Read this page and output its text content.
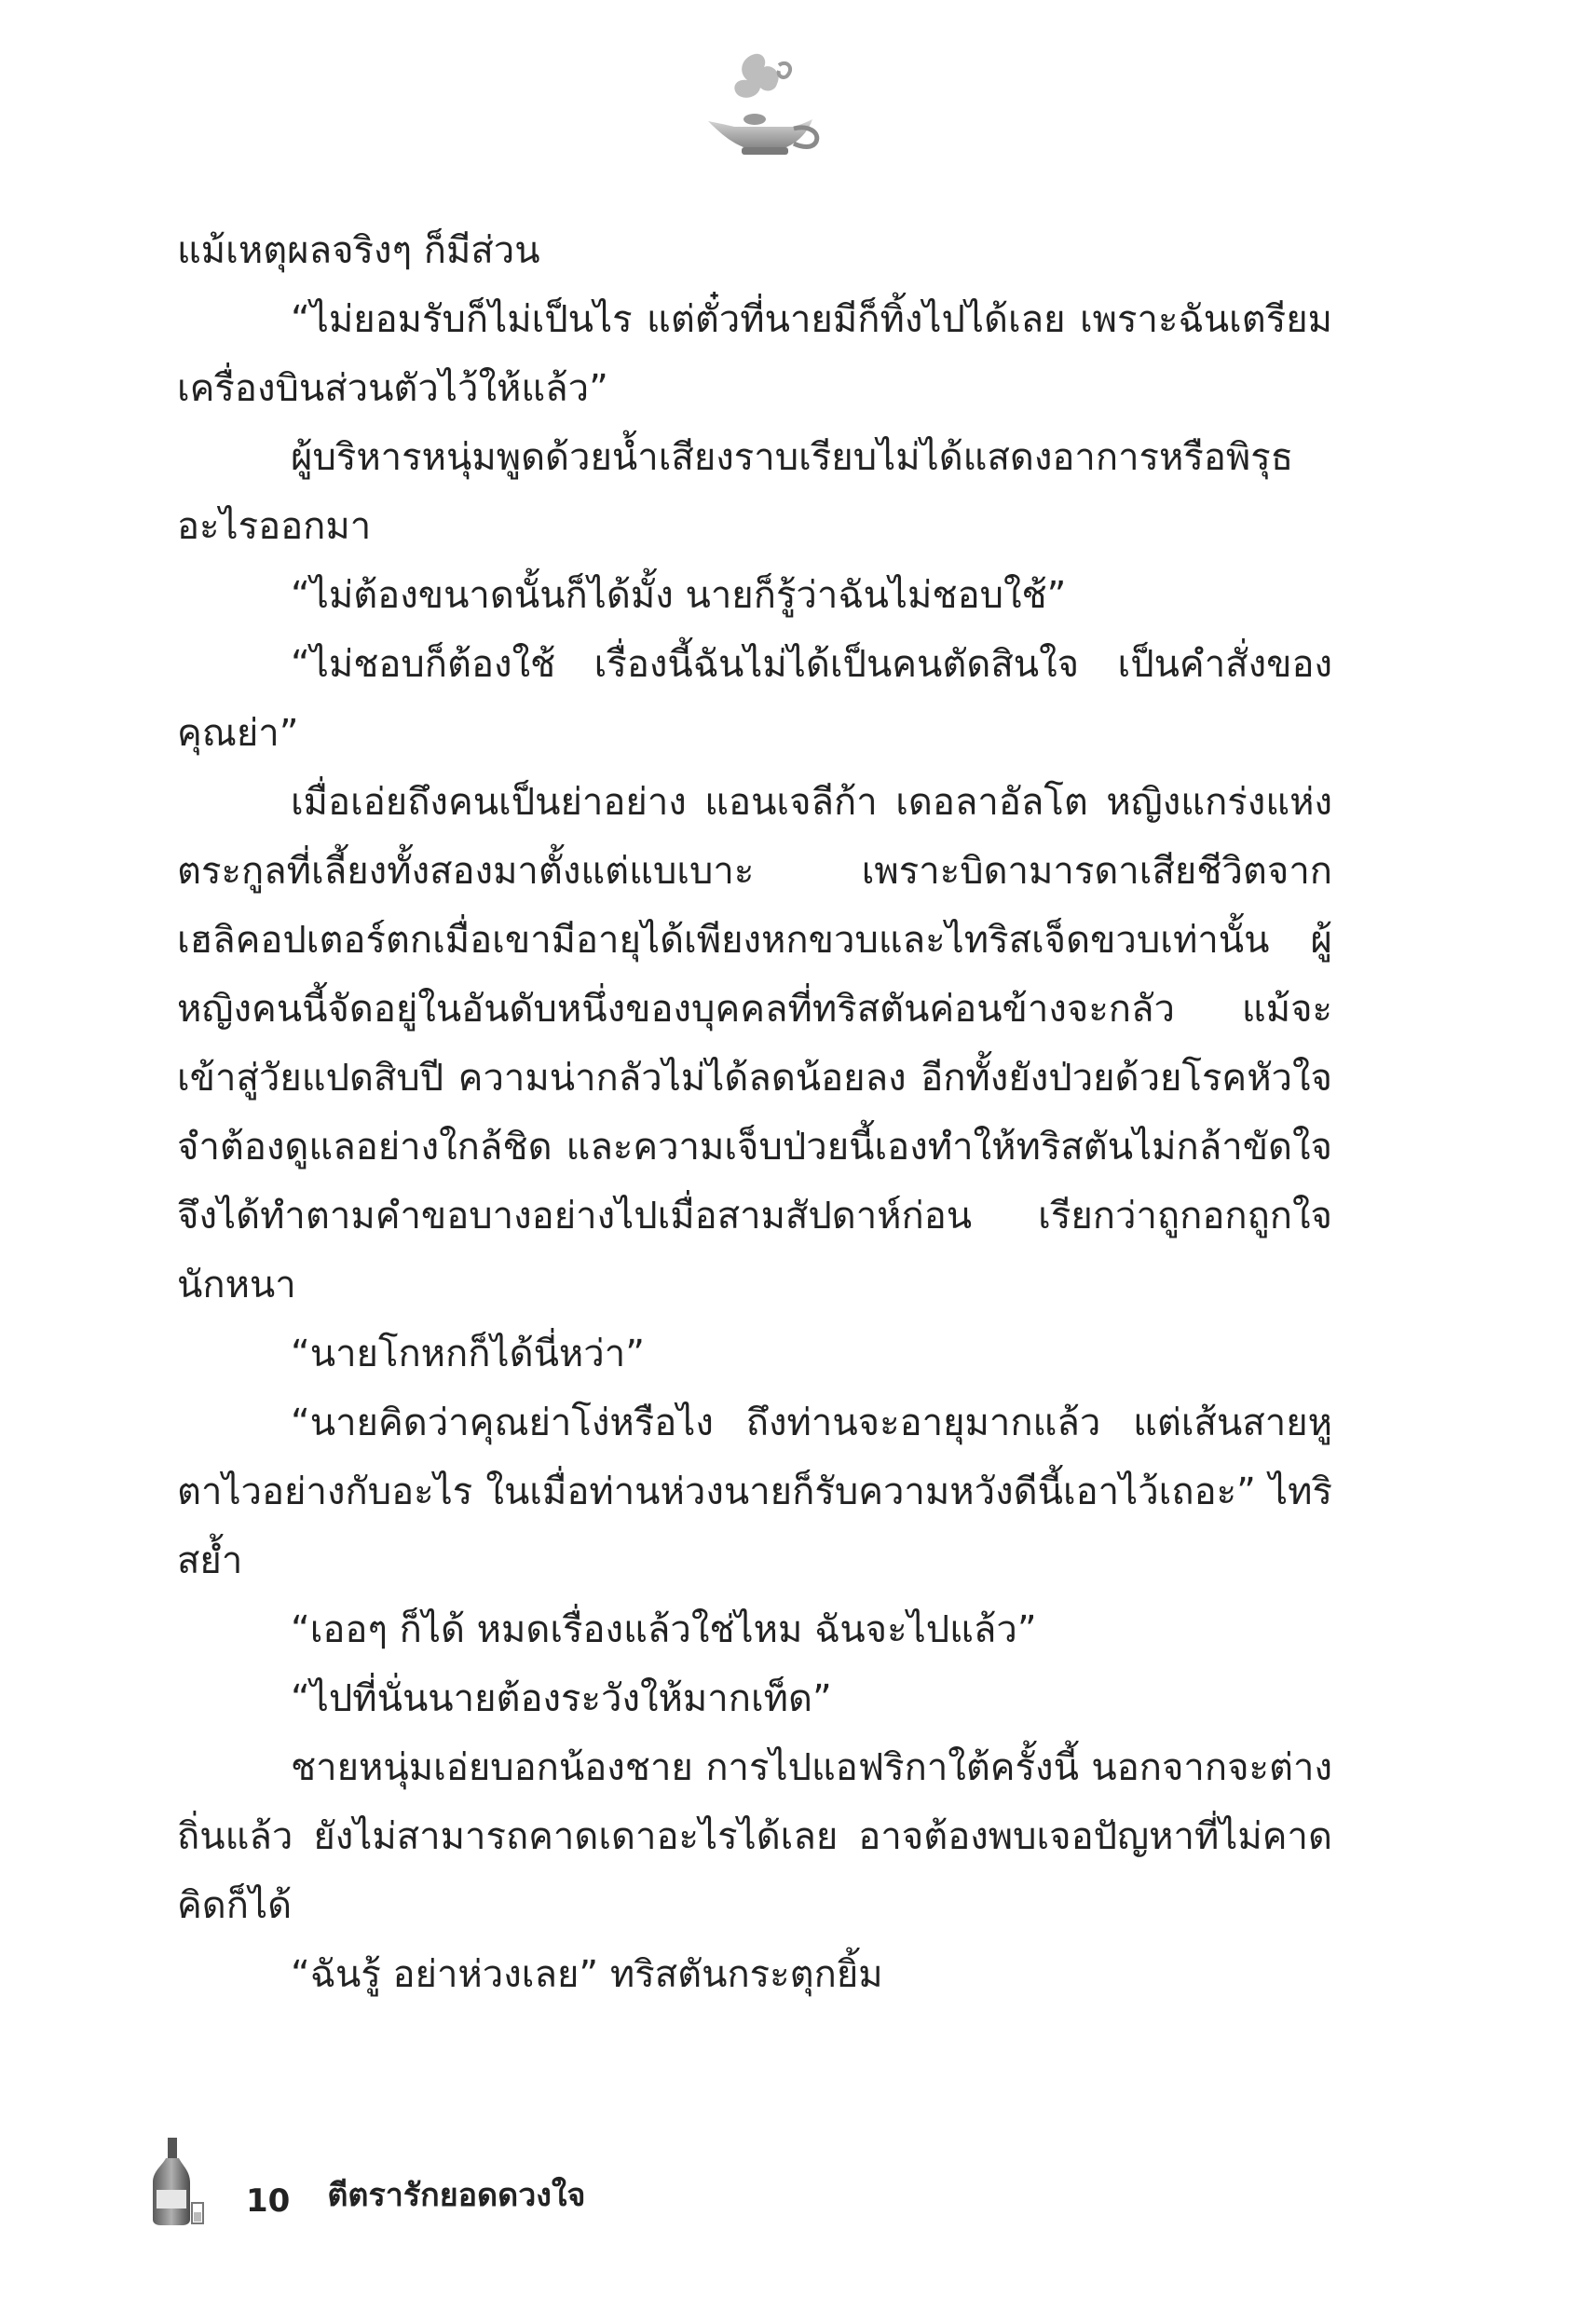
แม้เหตุผลจริงๆ ก็มีส่วน

“ไม่ยอมรับก็ไม่เป็นไร แต่ตั๋วที่นายมีก็ทิ้งไปได้เลย เพราะฉันเตรียมเครื่องบินส่วนตัวไว้ให้แล้ว”

ผู้บริหารหนุ่มพูดด้วยน้ำเสียงราบเรียบไม่ได้แสดงอาการหรือพิรุธอะไรออกมา

“ไม่ต้องขนาดนั้นก็ได้มั้ง นายก็รู้ว่าฉันไม่ชอบใช้”

“ไม่ชอบก็ต้องใช้ เรื่องนี้ฉันไม่ได้เป็นคนตัดสินใจ เป็นคำสั่งของคุณย่า”

เมื่อเอ่ยถึงคนเป็นย่าอย่าง แอนเจลีก้า เดอลาอัลโต หญิงแกร่งแห่งตระกูลที่เลี้ยงทั้งสองมาตั้งแต่แบเบาะ เพราะบิดามารดาเสียชีวิตจากเฮลิคอปเตอร์ตกเมื่อเขามีอายุได้เพียงหกขวบและไทริสเจ็ดขวบเท่านั้น ผู้หญิงคนนี้จัดอยู่ในอันดับหนึ่งของบุคคลที่ทริสตันค่อนข้างจะกลัว แม้จะเข้าสู่วัยแปดสิบปี ความน่ากลัวไม่ได้ลดน้อยลง อีกทั้งยังป่วยด้วยโรคหัวใจ จำต้องดูแลอย่างใกล้ชิด และความเจ็บป่วยนี้เองทำให้ทริสตันไม่กล้าขัดใจ จึงได้ทำตามคำขอบางอย่างไปเมื่อสามสัปดาห์ก่อน เรียกว่าถูกอกถูกใจนักหนา

“นายโกหกก็ได้นี่หว่า”

“นายคิดว่าคุณย่าโง่หรือไง ถึงท่านจะอายุมากแล้ว แต่เส้นสายหูตาไวอย่างกับอะไร ในเมื่อท่านห่วงนายก็รับความหวังดีนี้เอาไว้เถอะ” ไทริสย้ำ

“เออๆ ก็ได้ หมดเรื่องแล้วใช่ไหม ฉันจะไปแล้ว”

“ไปที่นั่นนายต้องระวังให้มากเท็ด”

ชายหนุ่มเอ่ยบอกน้องชาย การไปแอฟริกาใต้ครั้งนี้ นอกจากจะต่างถิ่นแล้ว ยังไม่สามารถคาดเดาอะไรได้เลย อาจต้องพบเจอปัญหาที่ไม่คาดคิดก็ได้

“ฉันรู้ อย่าห่วงเลย” ทริสตันกระตุกยิ้ม

10 ตีตรารักยอดดวงใจ
